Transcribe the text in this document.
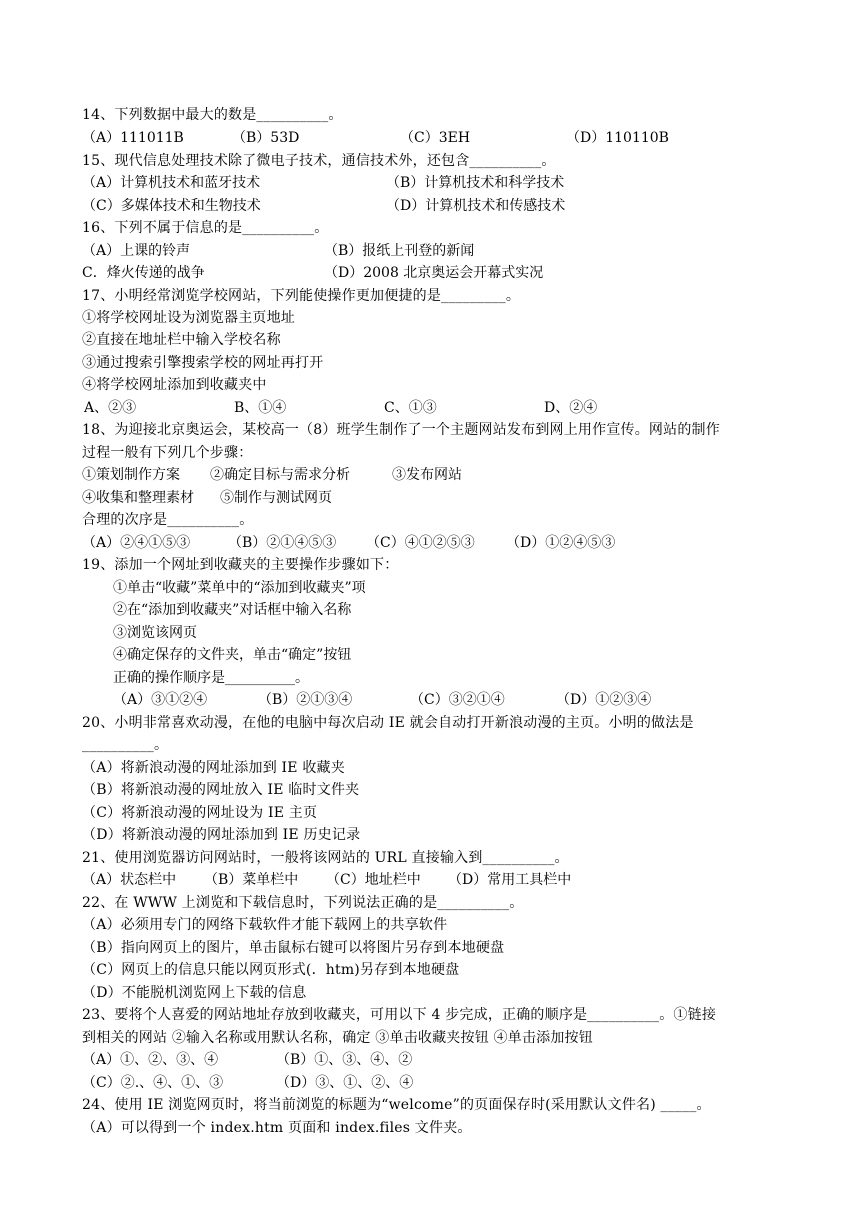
14、下列数据中最大的数是__________。
（A）111011B	（B）53D	（C）3EH	（D）110110B
15、现代信息处理技术除了微电子技术，通信技术外，还包含__________。
（A）计算机技术和蓝牙技术	（B）计算机技术和科学技术
（C）多媒体技术和生物技术	（D）计算机技术和传感技术
16、下列不属于信息的是__________。
（A）上课的铃声	（B）报纸上刊登的新闻
C．烽火传递的战争	（D）2008 北京奥运会开幕式实况
17、小明经常浏览学校网站，下列能使操作更加便捷的是_________。
①将学校网址设为浏览器主页地址
②直接在地址栏中输入学校名称
③通过搜索引擎搜索学校的网址再打开
④将学校网址添加到收藏夹中
A、②③	B、①④	C、①③	D、②④
18、为迎接北京奥运会，某校高一（8）班学生制作了一个主题网站发布到网上用作宣传。网站的制作
过程一般有下列几个步骤：
①策划制作方案 ②确定目标与需求分析	③发布网站
④收集和整理素材 ⑤制作与测试网页
合理的次序是__________。
（A）②④①⑤③	（B）②①④⑤③ （C）④①②⑤③ （D）①②④⑤③
19、添加一个网址到收藏夹的主要操作步骤如下：
①单击“收藏”菜单中的“添加到收藏夹”项
②在“添加到收藏夹”对话框中输入名称
③浏览该网页
④确定保存的文件夹，单击“确定”按钮
正确的操作顺序是__________。
（A）③①②④	（B）②①③④	（C）③②①④	（D）①②③④
20、小明非常喜欢动漫，在他的电脑中每次启动 IE 就会自动打开新浪动漫的主页。小明的做法是
__________。
（A）将新浪动漫的网址添加到 IE 收藏夹
（B）将新浪动漫的网址放入 IE 临时文件夹
（C）将新浪动漫的网址设为 IE 主页
（D）将新浪动漫的网址添加到 IE 历史记录
21、使用浏览器访问网站时，一般将该网站的 URL 直接输入到__________。
（A）状态栏中 （B）菜单栏中 （C）地址栏中 （D）常用工具栏中
22、在 WWW 上浏览和下载信息时，下列说法正确的是__________。
（A）必须用专门的网络下载软件才能下载网上的共享软件
（B）指向网页上的图片，单击鼠标右键可以将图片另存到本地硬盘
（C）网页上的信息只能以网页形式(．htm)另存到本地硬盘
（D）不能脱机浏览网上下载的信息
23、要将个人喜爱的网站地址存放到收藏夹，可用以下 4 步完成，正确的顺序是__________。①链接
到相关的网站 ②输入名称或用默认名称，确定 ③单击收藏夹按钮 ④单击添加按钮
（A）①、②、③、④	（B）①、③、④、②
（C）②.、④、①、③	（D）③、①、②、④
24、使用 IE 浏览网页时，将当前浏览的标题为“welcome”的页面保存时(采用默认文件名) _____。
（A）可以得到一个 index.htm 页面和 index.files 文件夹。
